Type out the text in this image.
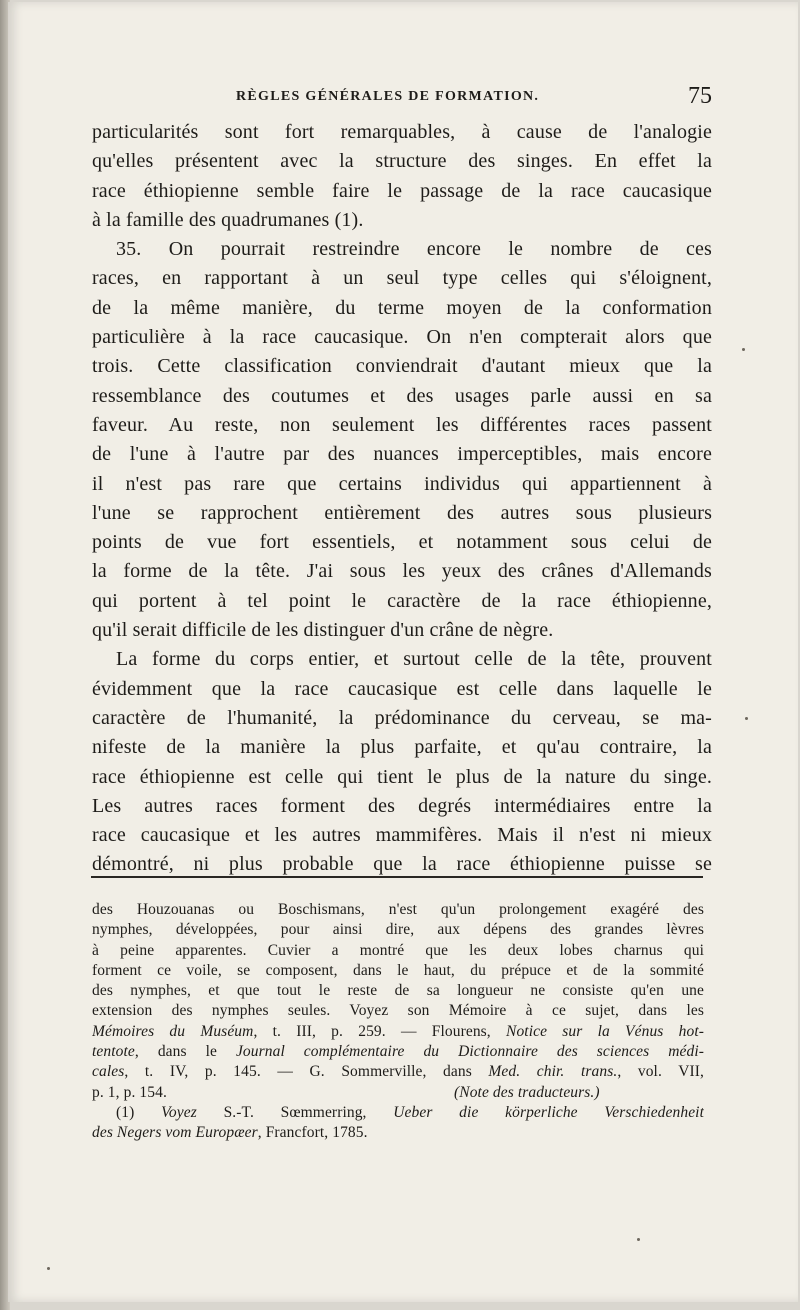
RÈGLES GÉNÉRALES DE FORMATION.	75
particularités sont fort remarquables, à cause de l'analogie
qu'elles présentent avec la structure des singes. En effet la
race éthiopienne semble faire le passage de la race caucasique
à la famille des quadrumanes (1).
35. On pourrait restreindre encore le nombre de ces
races, en rapportant à un seul type celles qui s'éloignent,
de la même manière, du terme moyen de la conformation
particulière à la race caucasique. On n'en compterait alors que
trois. Cette classification conviendrait d'autant mieux que la
ressemblance des coutumes et des usages parle aussi en sa
faveur. Au reste, non seulement les différentes races passent
de l'une à l'autre par des nuances imperceptibles, mais encore
il n'est pas rare que certains individus qui appartiennent à
l'une se rapprochent entièrement des autres sous plusieurs
points de vue fort essentiels, et notamment sous celui de
la forme de la tête. J'ai sous les yeux des crânes d'Allemands
qui portent à tel point le caractère de la race éthiopienne,
qu'il serait difficile de les distinguer d'un crâne de nègre.
La forme du corps entier, et surtout celle de la tête, prouvent
évidemment que la race caucasique est celle dans laquelle le
caractère de l'humanité, la prédominance du cerveau, se ma-
nifeste de la manière la plus parfaite, et qu'au contraire, la
race éthiopienne est celle qui tient le plus de la nature du singe.
Les autres races forment des degrés intermédiaires entre la
race caucasique et les autres mammifères. Mais il n'est ni mieux
démontré, ni plus probable que la race éthiopienne puisse se
des Houzouanas ou Boschismans, n'est qu'un prolongement exagéré des
nymphes, développées, pour ainsi dire, aux dépens des grandes lèvres
à peine apparentes. Cuvier a montré que les deux lobes charnus qui
forment ce voile, se composent, dans le haut, du prépuce et de la sommité
des nymphes, et que tout le reste de sa longueur ne consiste qu'en une
extension des nymphes seules. Voyez son Mémoire à ce sujet, dans les
Mémoires du Muséum, t. III, p. 259. — Flourens, Notice sur la Vénus hot-
tentote, dans le Journal complémentaire du Dictionnaire des sciences médi-
cales, t. IV, p. 145. — G. Sommerville, dans Med. chir. trans., vol. VII,
p. 1, p. 154.	(Note des traducteurs.)
(1) Voyez S.-T. Sœmmerring, Ueber die körperliche Verschiedenheit
des Negers vom Europæer, Francfort, 1785.
